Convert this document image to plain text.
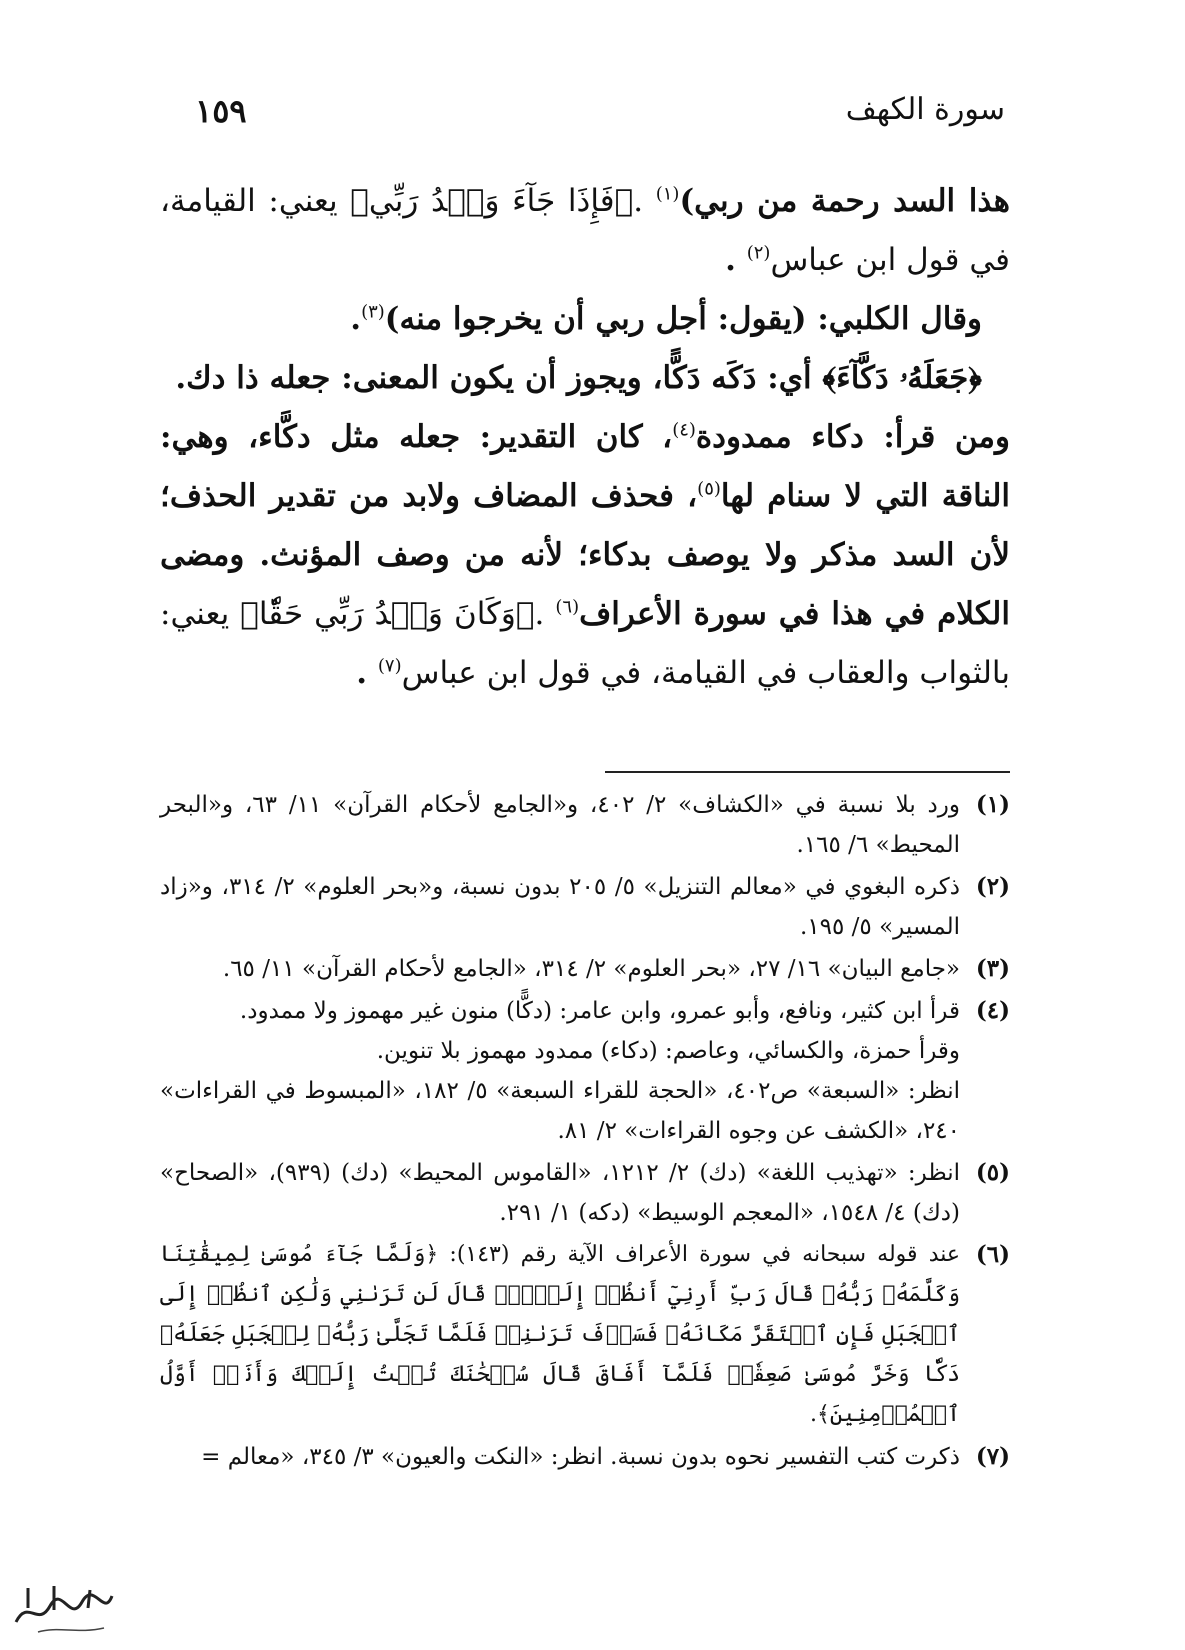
سورة الكهف
١٥٩

هذا السد رحمة من ربي)$^{(١)}$ .﴿فَإِذَا جَآءَ وَعۡدُ رَبِّي﴾ يعني: القيامة، في قول ابن عباس$^{(٢)}$ .

وقال الكلبي: (يقول: أجل ربي أن يخرجوا منه)$^{(٣)}$.

﴿جَعَلَهُۥ دَكَّآءَ﴾ أي: دَكَه دَكًّا، ويجوز أن يكون المعنى: جعله ذا دك.

ومن قرأ: دكاء ممدودة$^{(٤)}$، كان التقدير: جعله مثل دكَّاء، وهي: الناقة التي لا سنام لها$^{(٥)}$، فحذف المضاف ولابد من تقدير الحذف؛ لأن السد مذكر ولا يوصف بدكاء؛ لأنه من وصف المؤنث. ومضى الكلام في هذا في سورة الأعراف$^{(٦)}$ .﴿وَكَانَ وَعۡدُ رَبِّي حَقّٗا﴾ يعني: بالثواب والعقاب في القيامة، في قول ابن عباس$^{(٧)}$ .

(١)

ورد بلا نسبة في «الكشاف» ٢/ ٤٠٢، و«الجامع لأحكام القرآن» ١١/ ٦٣، و«البحر المحيط» ٦/ ١٦٥.

(٢)

ذكره البغوي في «معالم التنزيل» ٥/ ٢٠٥ بدون نسبة، و«بحر العلوم» ٢/ ٣١٤، و«زاد المسير» ٥/ ١٩٥.

(٣)

«جامع البيان» ١٦/ ٢٧، «بحر العلوم» ٢/ ٣١٤، «الجامع لأحكام القرآن» ١١/ ٦٥.

(٤)

قرأ ابن كثير، ونافع، وأبو عمرو، وابن عامر: (دكًّا) منون غير مهموز ولا ممدود.

وقرأ حمزة، والكسائي، وعاصم: (دكاء) ممدود مهموز بلا تنوين.

انظر: «السبعة» ص٤٠٢، «الحجة للقراء السبعة» ٥/ ١٨٢، «المبسوط في القراءات» ٢٤٠، «الكشف عن وجوه القراءات» ٢/ ٨١.

(٥)

انظر: «تهذيب اللغة» (دك) ٢/ ١٢١٢، «القاموس المحيط» (دك) (٩٣٩)، «الصحاح» (دك) ٤/ ١٥٤٨، «المعجم الوسيط» (دكه) ١/ ٢٩١.

(٦)

عند قوله سبحانه في سورة الأعراف الآية رقم (١٤٣): ﴿وَلَمَّا جَآءَ مُوسَىٰ لِمِيقَٰتِنَا وَكَلَّمَهُۥ رَبُّهُۥ قَالَ رَبِّ أَرِنِيٓ أَنظُرۡ إِلَيۡكَۚ قَالَ لَن تَرَىٰنِي وَلَٰكِنِ ٱنظُرۡ إِلَى ٱلۡجَبَلِ فَإِنِ ٱسۡتَقَرَّ مَكَانَهُۥ فَسَوۡفَ تَرَىٰنِيۚ فَلَمَّا تَجَلَّىٰ رَبُّهُۥ لِلۡجَبَلِ جَعَلَهُۥ دَكّٗا وَخَرَّ مُوسَىٰ صَعِقٗاۚ فَلَمَّآ أَفَاقَ قَالَ سُبۡحَٰنَكَ تُبۡتُ إِلَيۡكَ وَأَنَا۠ أَوَّلُ ٱلۡمُؤۡمِنِينَ﴾.

(٧)

ذكرت كتب التفسير نحوه بدون نسبة. انظر: «النكت والعيون» ٣/ ٣٤٥، «معالم =
